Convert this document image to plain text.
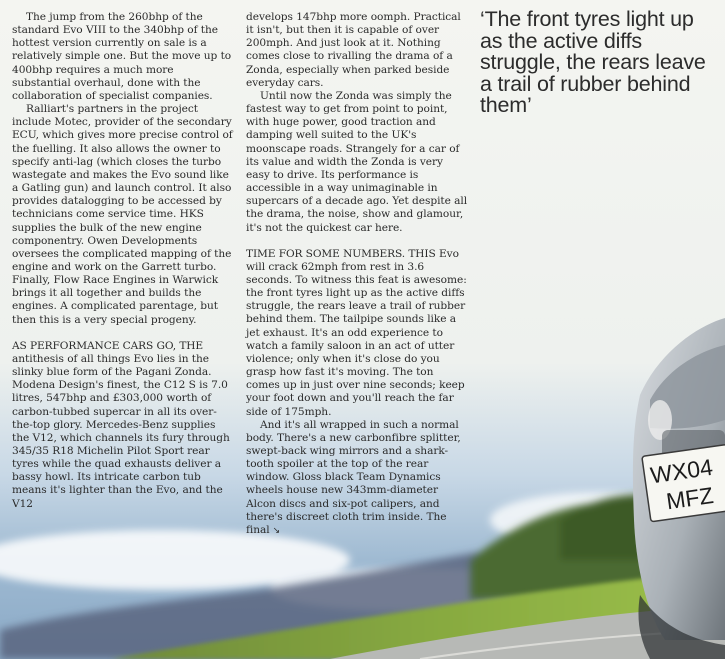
WX04
MFZ

The jump from the 260bhp of the standard Evo VIII to the 340bhp of the hottest version currently on sale is a relatively simple one. But the move up to 400bhp requires a much more substantial overhaul, done with the collaboration of specialist companies.

Ralliart's partners in the project include Motec, provider of the secondary ECU, which gives more precise control of the fuelling. It also allows the owner to specify anti-lag (which closes the turbo wastegate and makes the Evo sound like a Gatling gun) and launch control. It also provides datalogging to be accessed by technicians come service time. HKS supplies the bulk of the new engine componentry. Owen Developments oversees the complicated mapping of the engine and work on the Garrett turbo. Finally, Flow Race Engines in Warwick brings it all together and builds the engines. A complicated parentage, but then this is a very special progeny.

AS PERFORMANCE CARS GO, THE antithesis of all things Evo lies in the slinky blue form of the Pagani Zonda. Modena Design's finest, the C12 S is 7.0 litres, 547bhp and £303,000 worth of carbon-tubbed supercar in all its over-the-top glory. Mercedes-Benz supplies the V12, which channels its fury through 345/35 R18 Michelin Pilot Sport rear tyres while the quad exhausts deliver a bassy howl. Its intricate carbon tub means it's lighter than the Evo, and the V12

develops 147bhp more oomph. Practical it isn't, but then it is capable of over 200mph. And just look at it. Nothing comes close to rivalling the drama of a Zonda, especially when parked beside everyday cars.

Until now the Zonda was simply the fastest way to get from point to point, with huge power, good traction and damping well suited to the UK's moonscape roads. Strangely for a car of its value and width the Zonda is very easy to drive. Its performance is accessible in a way unimaginable in supercars of a decade ago. Yet despite all the drama, the noise, show and glamour, it's not the quickest car here.

TIME FOR SOME NUMBERS. THIS Evo will crack 62mph from rest in 3.6 seconds. To witness this feat is awesome: the front tyres light up as the active diffs struggle, the rears leave a trail of rubber behind them. The tailpipe sounds like a jet exhaust. It's an odd experience to watch a family saloon in an act of utter violence; only when it's close do you grasp how fast it's moving. The ton comes up in just over nine seconds; keep your foot down and you'll reach the far side of 175mph.

And it's all wrapped in such a normal body. There's a new carbonfibre splitter, swept-back wing mirrors and a shark-tooth spoiler at the top of the rear window. Gloss black Team Dynamics wheels house new 343mm-diameter Alcon discs and six-pot calipers, and there's discreet cloth trim inside. The final ↘

‘The front tyres light up as the active diffs struggle, the rears leave a trail of rubber behind them’
